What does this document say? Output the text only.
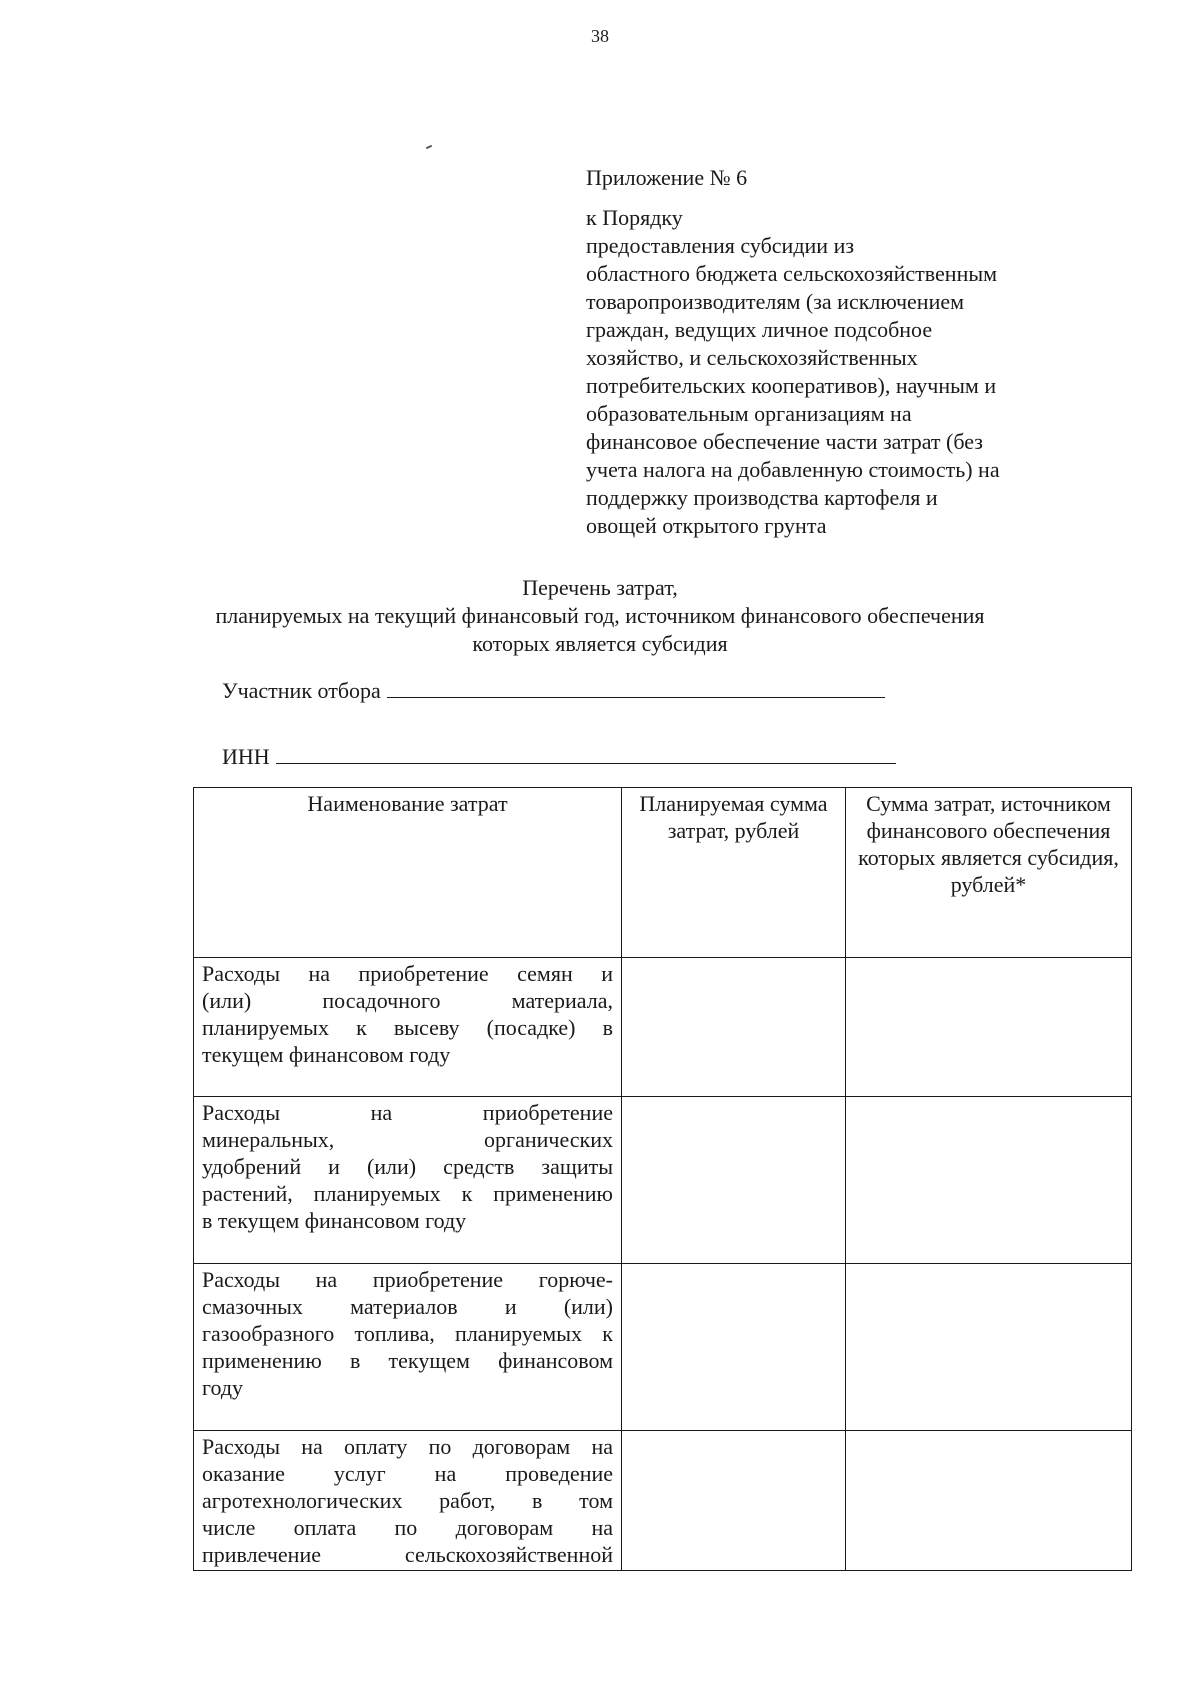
38
Приложение № 6
к Порядку
предоставления субсидии из
областного бюджета сельскохозяйственным
товаропроизводителям (за исключением
граждан, ведущих личное подсобное
хозяйство, и сельскохозяйственных
потребительских кооперативов), научным и
образовательным организациям на
финансовое обеспечение части затрат (без
учета налога на добавленную стоимость) на
поддержку производства картофеля и
овощей открытого грунта
Перечень затрат,
планируемых на текущий финансовый год, источником финансового обеспечения
которых является субсидия
Участник отбора
ИНН
Наименование затрат	Планируемая сумма затрат, рублей	Сумма затрат, источником финансового обеспечения которых является субсидия, рублей*

Расходы на приобретение семян и
(или) посадочного материала,
планируемых к высеву (посадке) в
текущем финансовом году		

Расходы на приобретение
минеральных, органических
удобрений и (или) средств защиты
растений, планируемых к применению
в текущем финансовом году		

Расходы на приобретение горюче-
смазочных материалов и (или)
газообразного топлива, планируемых к
применению в текущем финансовом
году		

Расходы на оплату по договорам на
оказание услуг на проведение
агротехнологических работ, в том
числе оплата по договорам на
привлечение сельскохозяйственной		
